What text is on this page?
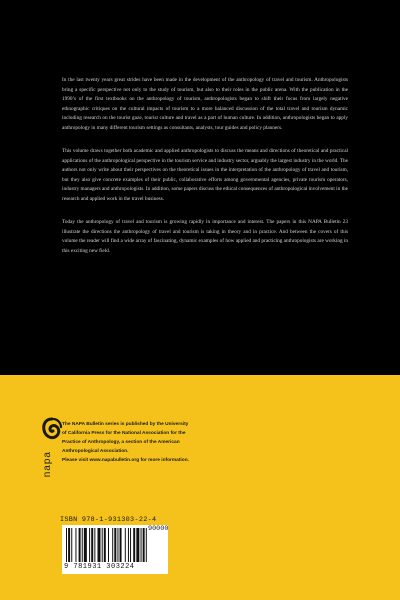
In the last twenty years great strides have been made in the development of the anthropology of travel and tourism. Anthropologists bring a specific perspective not only to the study of tourism, but also to their roles in the public arena. With the publication in the 1990’s of the first textbooks on the anthropology of tourism, anthropologists began to shift their focus from largely negative ethnographic critiques on the cultural impacts of tourism to a more balanced discussion of the total travel and tourism dynamic including research on the tourist gaze, tourist culture and travel as a part of human culture. In addition, anthropologists began to apply anthropology in many different tourism settings as consultants, analysts, tour guides and policy planners.

This volume draws together both academic and applied anthropologists to discuss the means and directions of theoretical and practical applications of the anthropological perspective in the tourism service and industry sector, arguably the largest industry in the world. The authors not only write about their perspectives on the theoretical issues in the interpretation of the anthropology of travel and tourism, but they also give concrete examples of their public, collaborative efforts among governmental agencies, private tourism operators, industry managers and anthropologists. In addition, some papers discuss the ethical consequences of anthropological involvement in the research and applied work in the travel business.

Today the anthropology of travel and tourism is growing rapidly in importance and interest. The papers in this NAPA Bulletin 23 illustrate the directions the anthropology of travel and tourism is taking in theory and in practice. And between the covers of this volume the reader will find a wide array of fascinating, dynamic examples of how applied and practicing anthropologists are working in this exciting new field.

napa
The NAPA Bulletin series is published by the University
of California Press for the National Association for the
Practice of Anthropology, a section of the American
Anthropological Association.
Please visit www.napabulletin.org for more information.
ISBN 978-1-931303-22-4
9 781931 303224
90000
